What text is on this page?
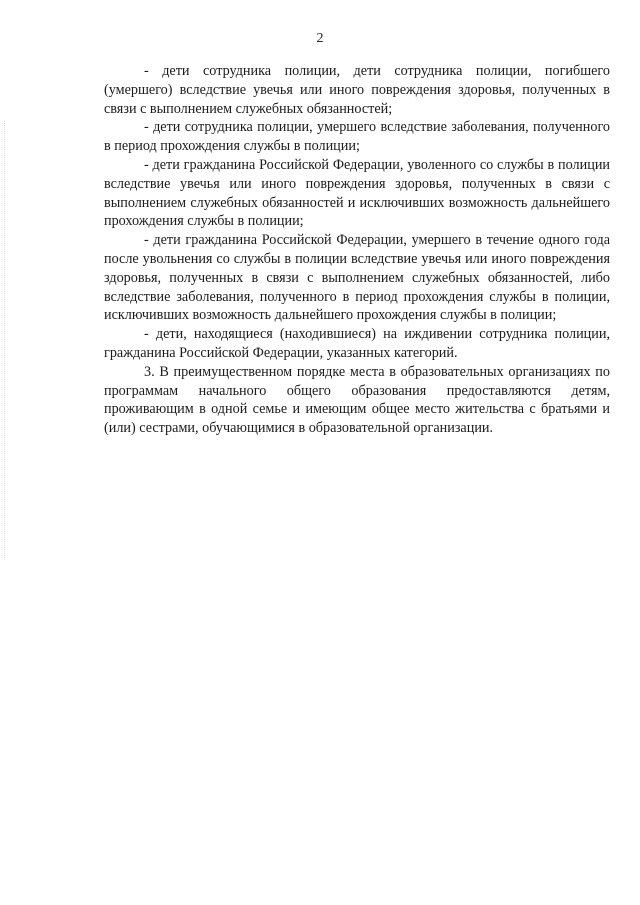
2

- дети сотрудника полиции, дети сотрудника полиции, погибшего (умершего) вследствие увечья или иного повреждения здоровья, полученных в связи с выполнением служебных обязанностей;

- дети сотрудника полиции, умершего вследствие заболевания, полученного в период прохождения службы в полиции;

- дети гражданина Российской Федерации, уволенного со службы в полиции вследствие увечья или иного повреждения здоровья, полученных в связи с выполнением служебных обязанностей и исключивших возможность дальнейшего прохождения службы в полиции;

- дети гражданина Российской Федерации, умершего в течение одного года после увольнения со службы в полиции вследствие увечья или иного повреждения здоровья, полученных в связи с выполнением служебных обязанностей, либо вследствие заболевания, полученного в период прохождения службы в полиции, исключивших возможность дальнейшего прохождения службы в полиции;

- дети, находящиеся (находившиеся) на иждивении сотрудника полиции, гражданина Российской Федерации, указанных категорий.

3. В преимущественном порядке места в образовательных организациях по программам начального общего образования предоставляются детям, проживающим в одной семье и имеющим общее место жительства с братьями и (или) сестрами, обучающимися в образовательной организации.
